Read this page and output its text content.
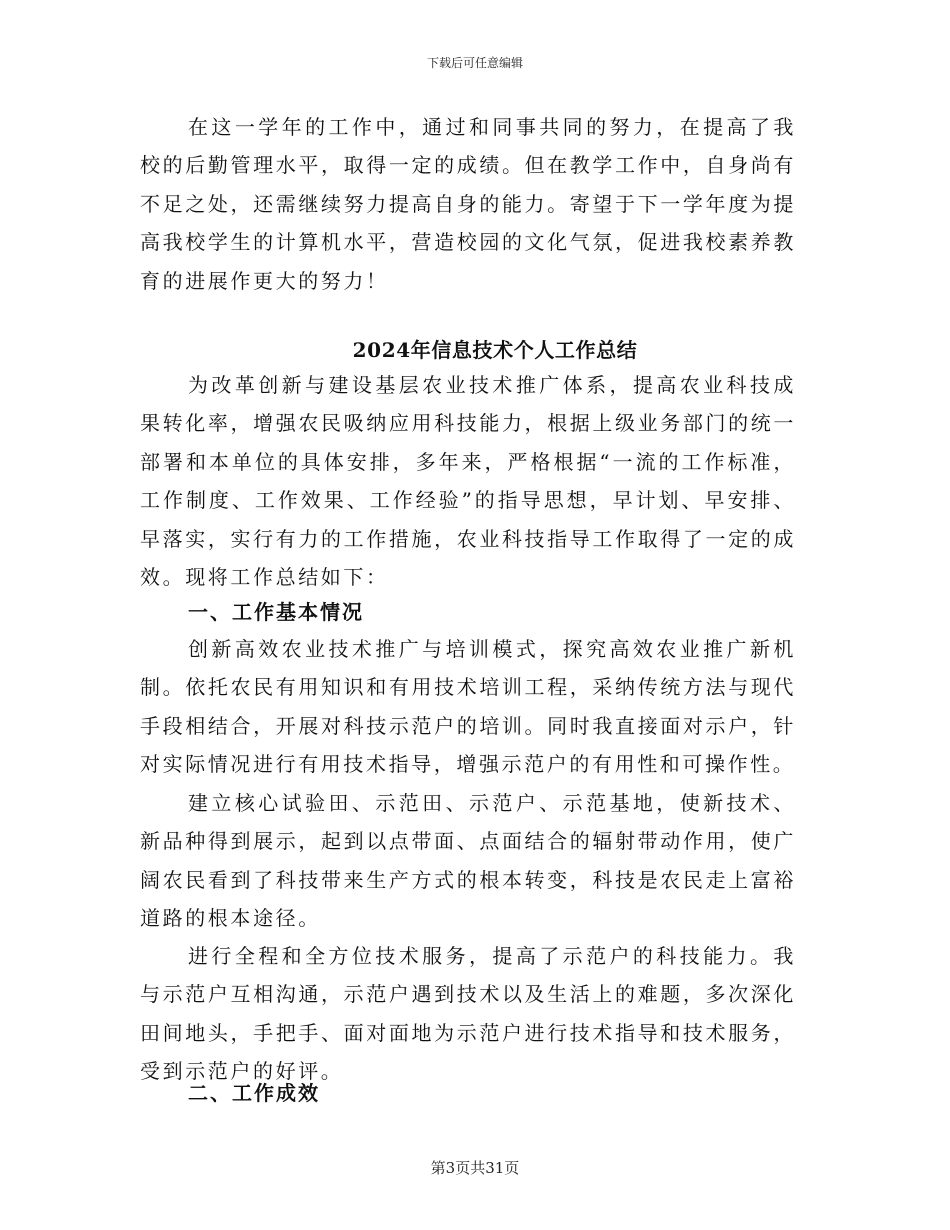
下载后可任意编辑

在这一学年的工作中，通过和同事共同的努力，在提高了我校的后勤管理水平，取得一定的成绩。但在教学工作中，自身尚有不足之处，还需继续努力提高自身的能力。寄望于下一学年度为提高我校学生的计算机水平，营造校园的文化气氛，促进我校素养教育的进展作更大的努力！

2024年信息技术个人工作总结

为改革创新与建设基层农业技术推广体系，提高农业科技成果转化率，增强农民吸纳应用科技能力，根据上级业务部门的统一部署和本单位的具体安排，多年来，严格根据“一流的工作标准，工作制度、工作效果、工作经验”的指导思想，早计划、早安排、早落实，实行有力的工作措施，农业科技指导工作取得了一定的成效。现将工作总结如下：

一、工作基本情况

创新高效农业技术推广与培训模式，探究高效农业推广新机制。依托农民有用知识和有用技术培训工程，采纳传统方法与现代手段相结合，开展对科技示范户的培训。同时我直接面对示户，针对实际情况进行有用技术指导，增强示范户的有用性和可操作性。

建立核心试验田、示范田、示范户、示范基地，使新技术、新品种得到展示，起到以点带面、点面结合的辐射带动作用，使广阔农民看到了科技带来生产方式的根本转变，科技是农民走上富裕道路的根本途径。

进行全程和全方位技术服务，提高了示范户的科技能力。我与示范户互相沟通，示范户遇到技术以及生活上的难题，多次深化田间地头，手把手、面对面地为示范户进行技术指导和技术服务，受到示范户的好评。

二、工作成效
第3页共31页
